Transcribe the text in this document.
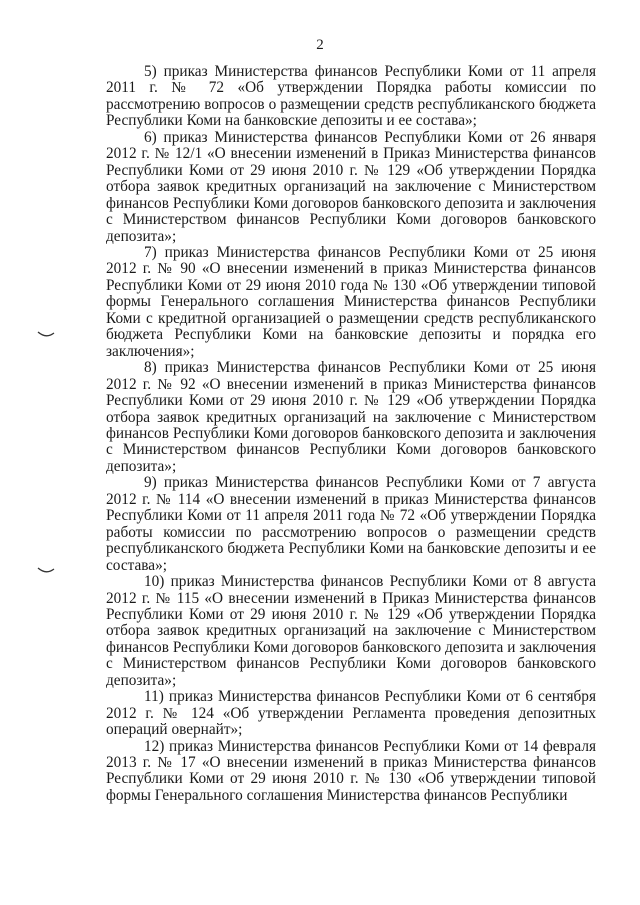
2

5) приказ Министерства финансов Республики Коми от 11 апреля 2011 г. № 72 «Об утверждении Порядка работы комиссии по рассмотрению вопросов о размещении средств республиканского бюджета Республики Коми на банковские депозиты и ее состава»;

6) приказ Министерства финансов Республики Коми от 26 января 2012 г. № 12/1 «О внесении изменений в Приказ Министерства финансов Республики Коми от 29 июня 2010 г. № 129 «Об утверждении Порядка отбора заявок кредитных организаций на заключение с Министерством финансов Республики Коми договоров банковского депозита и заключения с Министерством финансов Республики Коми договоров банковского депозита»;

7) приказ Министерства финансов Республики Коми от 25 июня 2012 г. № 90 «О внесении изменений в приказ Министерства финансов Республики Коми от 29 июня 2010 года № 130 «Об утверждении типовой формы Генерального соглашения Министерства финансов Республики Коми с кредитной организацией о размещении средств республиканского бюджета Республики Коми на банковские депозиты и порядка его заключения»;

8) приказ Министерства финансов Республики Коми от 25 июня 2012 г. № 92 «О внесении изменений в приказ Министерства финансов Республики Коми от 29 июня 2010 г. № 129 «Об утверждении Порядка отбора заявок кредитных организаций на заключение с Министерством финансов Республики Коми договоров банковского депозита и заключения с Министерством финансов Республики Коми договоров банковского депозита»;

9) приказ Министерства финансов Республики Коми от 7 августа 2012 г. № 114 «О внесении изменений в приказ Министерства финансов Республики Коми от 11 апреля 2011 года № 72 «Об утверждении Порядка работы комиссии по рассмотрению вопросов о размещении средств республиканского бюджета Республики Коми на банковские депозиты и ее состава»;

10) приказ Министерства финансов Республики Коми от 8 августа 2012 г. № 115 «О внесении изменений в Приказ Министерства финансов Республики Коми от 29 июня 2010 г. № 129 «Об утверждении Порядка отбора заявок кредитных организаций на заключение с Министерством финансов Республики Коми договоров банковского депозита и заключения с Министерством финансов Республики Коми договоров банковского депозита»;

11) приказ Министерства финансов Республики Коми от 6 сентября 2012 г. № 124 «Об утверждении Регламента проведения депозитных операций овернайт»;

12) приказ Министерства финансов Республики Коми от 14 февраля 2013 г. № 17 «О внесении изменений в приказ Министерства финансов Республики Коми от 29 июня 2010 г. № 130 «Об утверждении типовой формы Генерального соглашения Министерства финансов Республики
